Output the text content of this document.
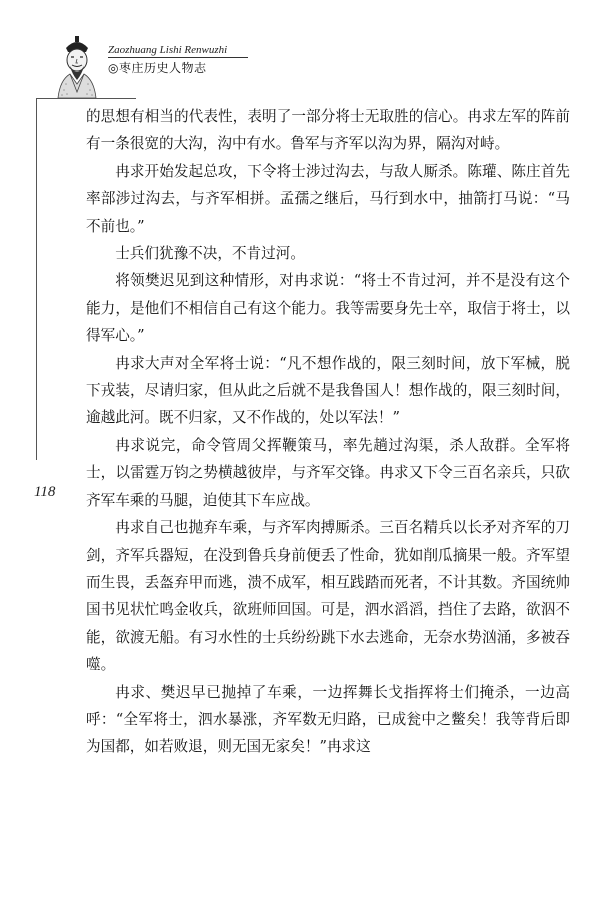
Zaozhuang Lishi Renwuzhi
◎枣庄历史人物志
118

的思想有相当的代表性，表明了一部分将士无取胜的信心。冉求左军的阵前有一条很宽的大沟，沟中有水。鲁军与齐军以沟为界，隔沟对峙。

冉求开始发起总攻，下令将士涉过沟去，与敌人厮杀。陈瓘、陈庄首先率部涉过沟去，与齐军相拼。孟孺之继后，马行到水中，抽箭打马说：“马不前也。”

士兵们犹豫不决，不肯过河。

将领樊迟见到这种情形，对冉求说：“将士不肯过河，并不是没有这个能力，是他们不相信自己有这个能力。我等需要身先士卒，取信于将士，以得军心。”

冉求大声对全军将士说：“凡不想作战的，限三刻时间，放下军械，脱下戎装，尽请归家，但从此之后就不是我鲁国人！想作战的，限三刻时间，逾越此河。既不归家，又不作战的，处以军法！”

冉求说完，命令管周父挥鞭策马，率先趟过沟渠，杀人敌群。全军将士，以雷霆万钧之势横越彼岸，与齐军交锋。冉求又下令三百名亲兵，只砍齐军车乘的马腿，迫使其下车应战。

冉求自己也抛弃车乘，与齐军肉搏厮杀。三百名精兵以长矛对齐军的刀剑，齐军兵器短，在没到鲁兵身前便丢了性命，犹如削瓜摘果一般。齐军望而生畏，丢盔弃甲而逃，溃不成军，相互践踏而死者，不计其数。齐国统帅国书见状忙鸣金收兵，欲班师回国。可是，泗水滔滔，挡住了去路，欲泅不能，欲渡无船。有习水性的士兵纷纷跳下水去逃命，无奈水势汹涌，多被吞噬。

冉求、樊迟早已抛掉了车乘，一边挥舞长戈指挥将士们掩杀，一边高呼：“全军将士，泗水暴涨，齐军数无归路，已成瓮中之鳖矣！我等背后即为国都，如若败退，则无国无家矣！”冉求这
